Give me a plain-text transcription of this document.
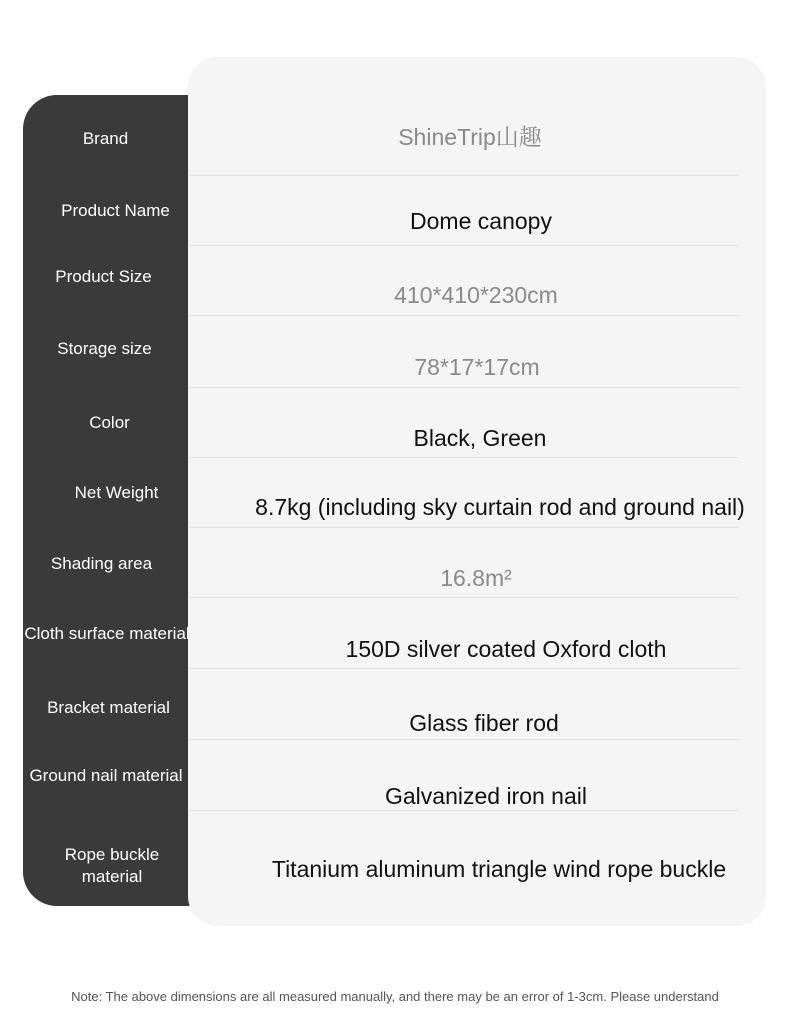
Brand
Product Name
Product Size
Storage size
Color
Net Weight
Shading area
Cloth surface material
Bracket material
Ground nail material
Rope buckle material
ShineTrip山趣
Dome canopy
410*410*230cm
78*17*17cm
Black, Green
8.7kg (including sky curtain rod and ground nail)
16.8m²
150D silver coated Oxford cloth
Glass fiber rod
Galvanized iron nail
Titanium aluminum triangle wind rope buckle
Note: The above dimensions are all measured manually, and there may be an error of 1-3cm. Please understand
